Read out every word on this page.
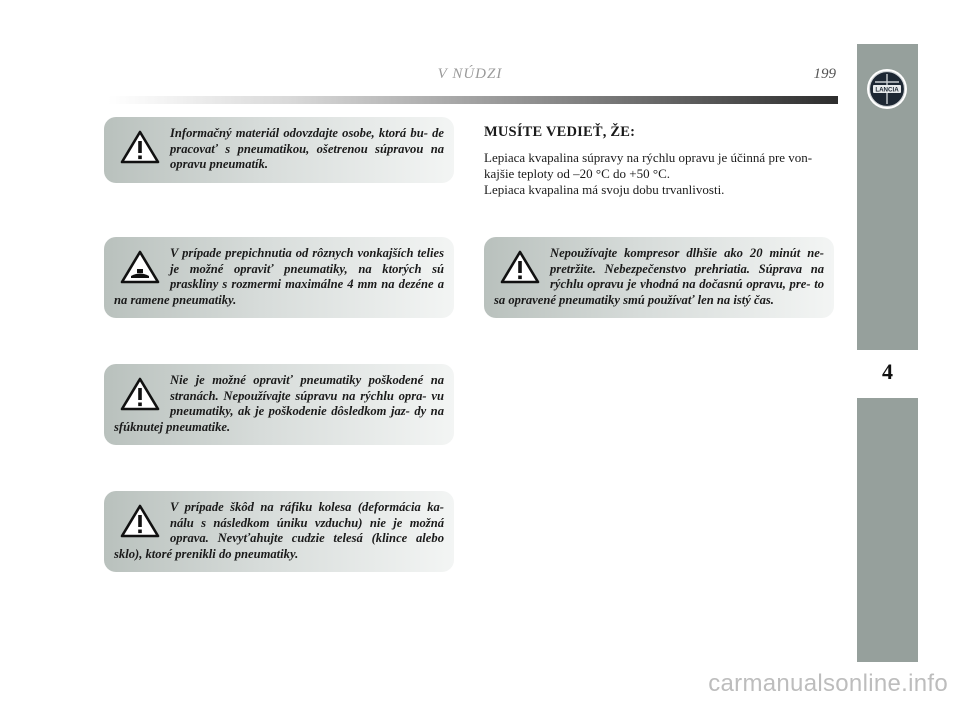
V NÚDZI	199
4
LANCIA
Informačný materiál odovzdajte osobe, ktorá bu- de pracovať s pneumatikou, ošetrenou súpravou na opravu pneumatík.
V prípade prepichnutia od rôznych vonkajších telies je možné opraviť pneumatiky, na ktorých sú praskliny s rozmermi maximálne 4 mm na dezéne a na ramene pneumatiky.
Nie je možné opraviť pneumatiky poškodené na stranách. Nepoužívajte súpravu na rýchlu opra- vu pneumatiky, ak je poškodenie dôsledkom jaz- dy na sfúknutej pneumatike.
V prípade škôd na ráfiku kolesa (deformácia ka- nálu s následkom úniku vzduchu) nie je možná oprava. Nevyťahujte cudzie telesá (klince alebo sklo), ktoré prenikli do pneumatiky.
MUSÍTE VEDIEŤ, ŽE:

Lepiaca kvapalina súpravy na rýchlu opravu je účinná pre von- kajšie teploty od –20 °C do +50 °C.

Lepiaca kvapalina má svoju dobu trvanlivosti.

Nepoužívajte kompresor dlhšie ako 20 minút ne- pretržite. Nebezpečenstvo prehriatia. Súprava na rýchlu opravu je vhodná na dočasnú opravu, pre- to sa opravené pneumatiky smú používať len na istý čas.
carmanualsonline.info
